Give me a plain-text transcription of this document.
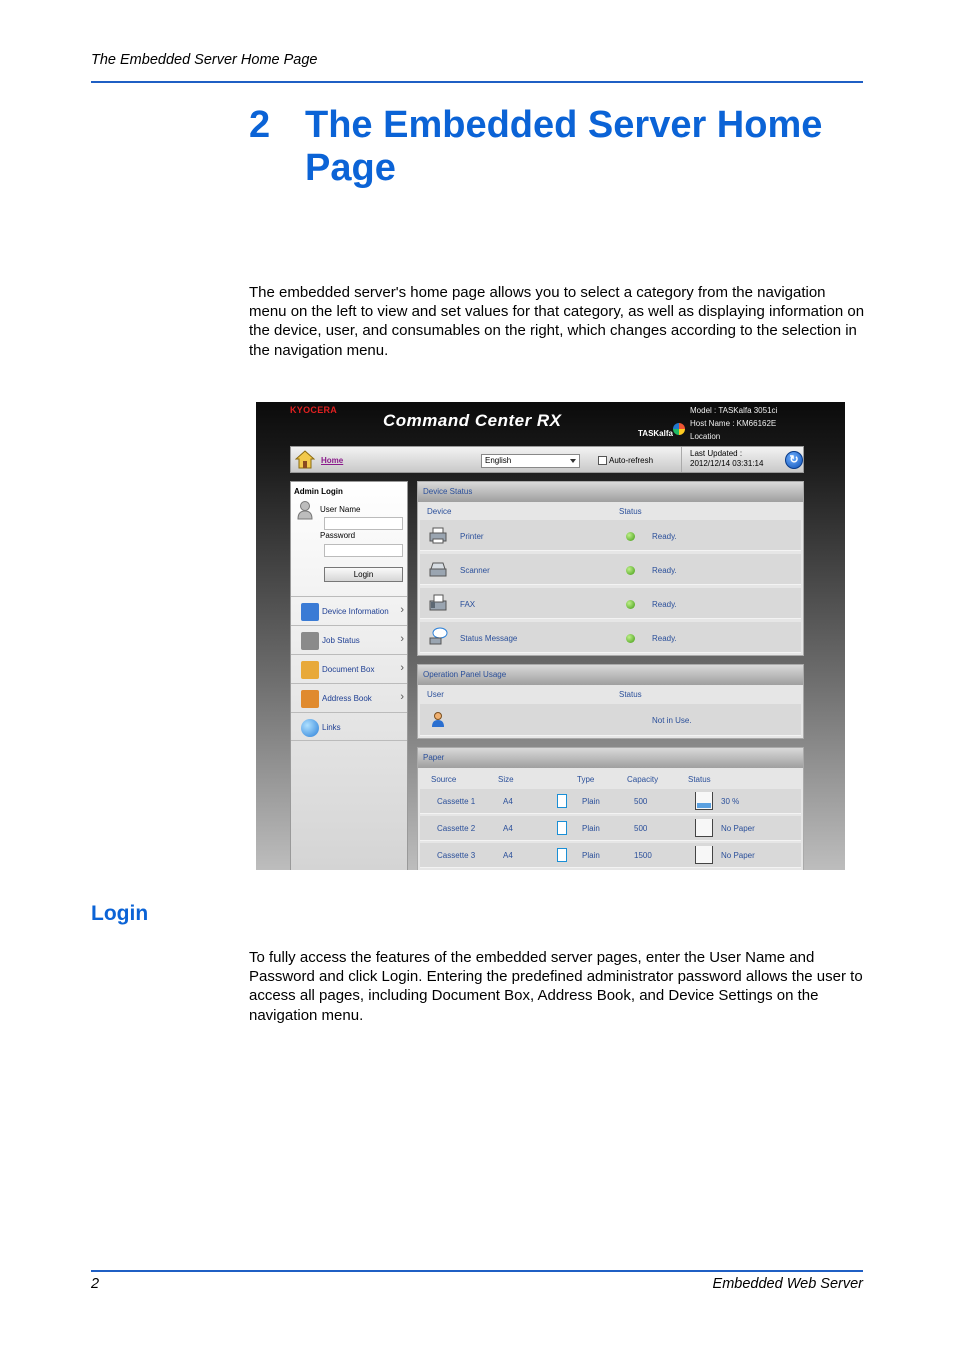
The Embedded Server Home Page
2 The Embedded Server Home Page
The embedded server's home page allows you to select a category from the navigation menu on the left to view and set values for that category, as well as displaying information on the device, user, and consumables on the right, which changes according to the selection in the navigation menu.
KYOCERA
Command Center RX
TASKalfa
Model : TASKalfa 3051ci
Host Name : KM66162E
Location
Home	English	Auto-refresh
Last Updated :
2012/12/14 03:31:14	↻
Admin Login
User Name
Password
Login
Device Information ›
Job Status	›
Document Box ›
Address Book	›
Links
Device Status
Device	Status
Printer	Ready.
Scanner	Ready.
FAX	Ready.
Status Message	Ready.
Operation Panel Usage
User	Status
Not in Use.
Paper
Source	Size	Type	Capacity	Status
Cassette 1	A4	Plain	500	30 %
Cassette 2	A4	Plain	500	No Paper
Cassette 3	A4	Plain	1500	No Paper
Login
To fully access the features of the embedded server pages, enter the User Name and Password and click Login. Entering the predefined administrator password allows the user to access all pages, including Document Box, Address Book, and Device Settings on the navigation menu.
2	Embedded Web Server
